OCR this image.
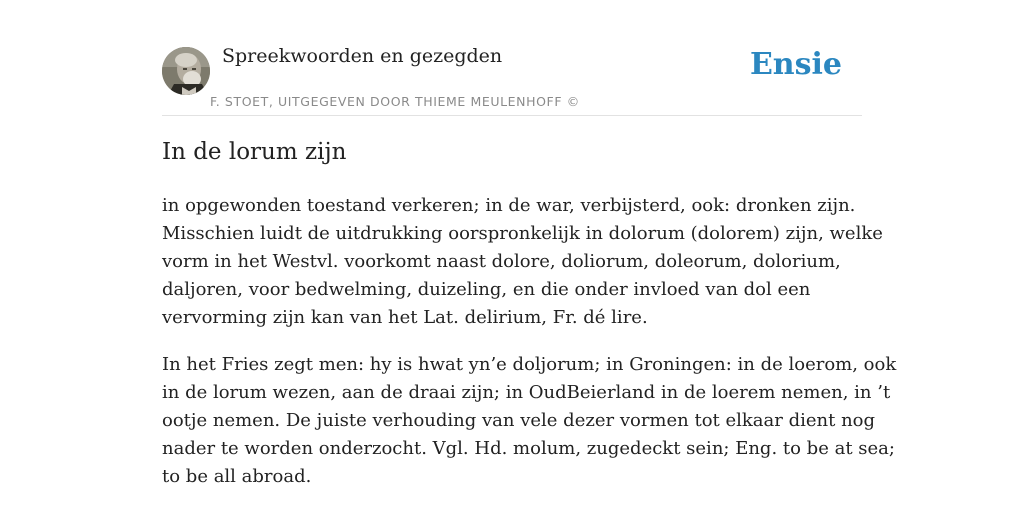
Spreekwoorden en gezegden
F. STOET, UITGEGEVEN DOOR THIEME MEULENHOFF ©
Ensie
In de lorum zijn

in opgewonden toestand verkeren; in de war, verbijsterd, ook: dronken zijn.
Misschien luidt de uitdrukking oorspronkelijk in dolorum (dolorem) zijn, welke
vorm in het Westvl. voorkomt naast dolore, doliorum, doleorum, dolorium,
daljoren, voor bedwelming, duizeling, en die onder invloed van dol een
vervorming zijn kan van het Lat. delirium, Fr. dé lire.

In het Fries zegt men: hy is hwat yn’e doljorum; in Groningen: in de loerom, ook
in de lorum wezen, aan de draai zijn; in OudBeierland in de loerem nemen, in ’t
ootje nemen. De juiste verhouding van vele dezer vormen tot elkaar dient nog
nader te worden onderzocht. Vgl. Hd. molum, zugedeckt sein; Eng. to be at sea;
to be all abroad.
